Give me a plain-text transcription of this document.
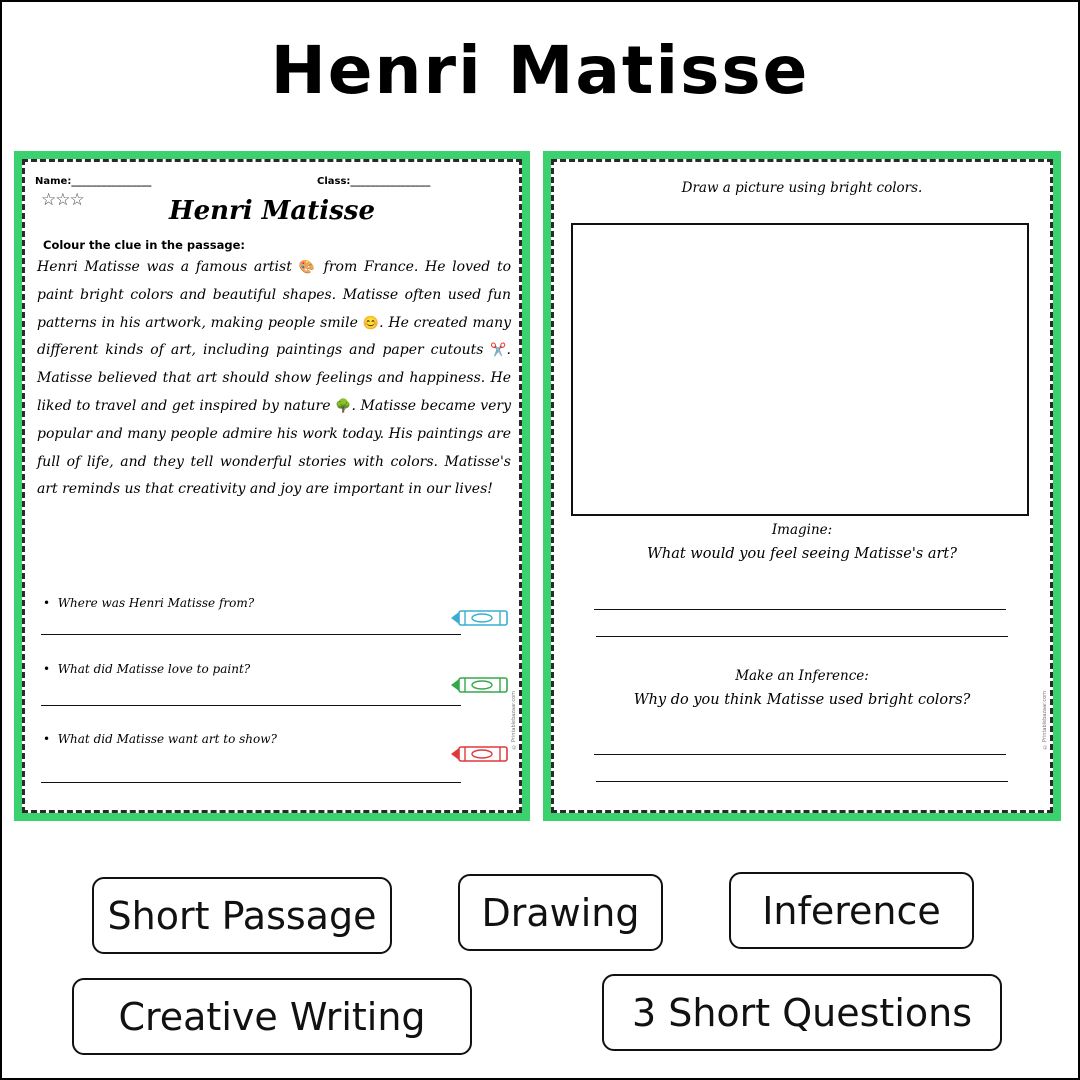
Henri Matisse
Name:________________	Class:________________
☆☆☆	Henri Matisse
Colour the clue in the passage:
Henri Matisse was a famous artist 🎨 from France. He loved to paint bright colors and beautiful shapes. Matisse often used fun patterns in his artwork, making people smile 😊. He created many different kinds of art, including paintings and paper cutouts ✂️. Matisse believed that art should show feelings and happiness. He liked to travel and get inspired by nature 🌳. Matisse became very popular and many people admire his work today. His paintings are full of life, and they tell wonderful stories with colors. Matisse's art reminds us that creativity and joy are important in our lives!
• Where was Henri Matisse from?
• What did Matisse love to paint?
• What did Matisse want art to show?	© Printablebazaar.com
Draw a picture using bright colors.
Imagine:
What would you feel seeing Matisse's art?
Make an Inference:
Why do you think Matisse used bright colors?	© Printablebazaar.com
Short Passage	Drawing	Inference
Creative Writing	3 Short Questions
